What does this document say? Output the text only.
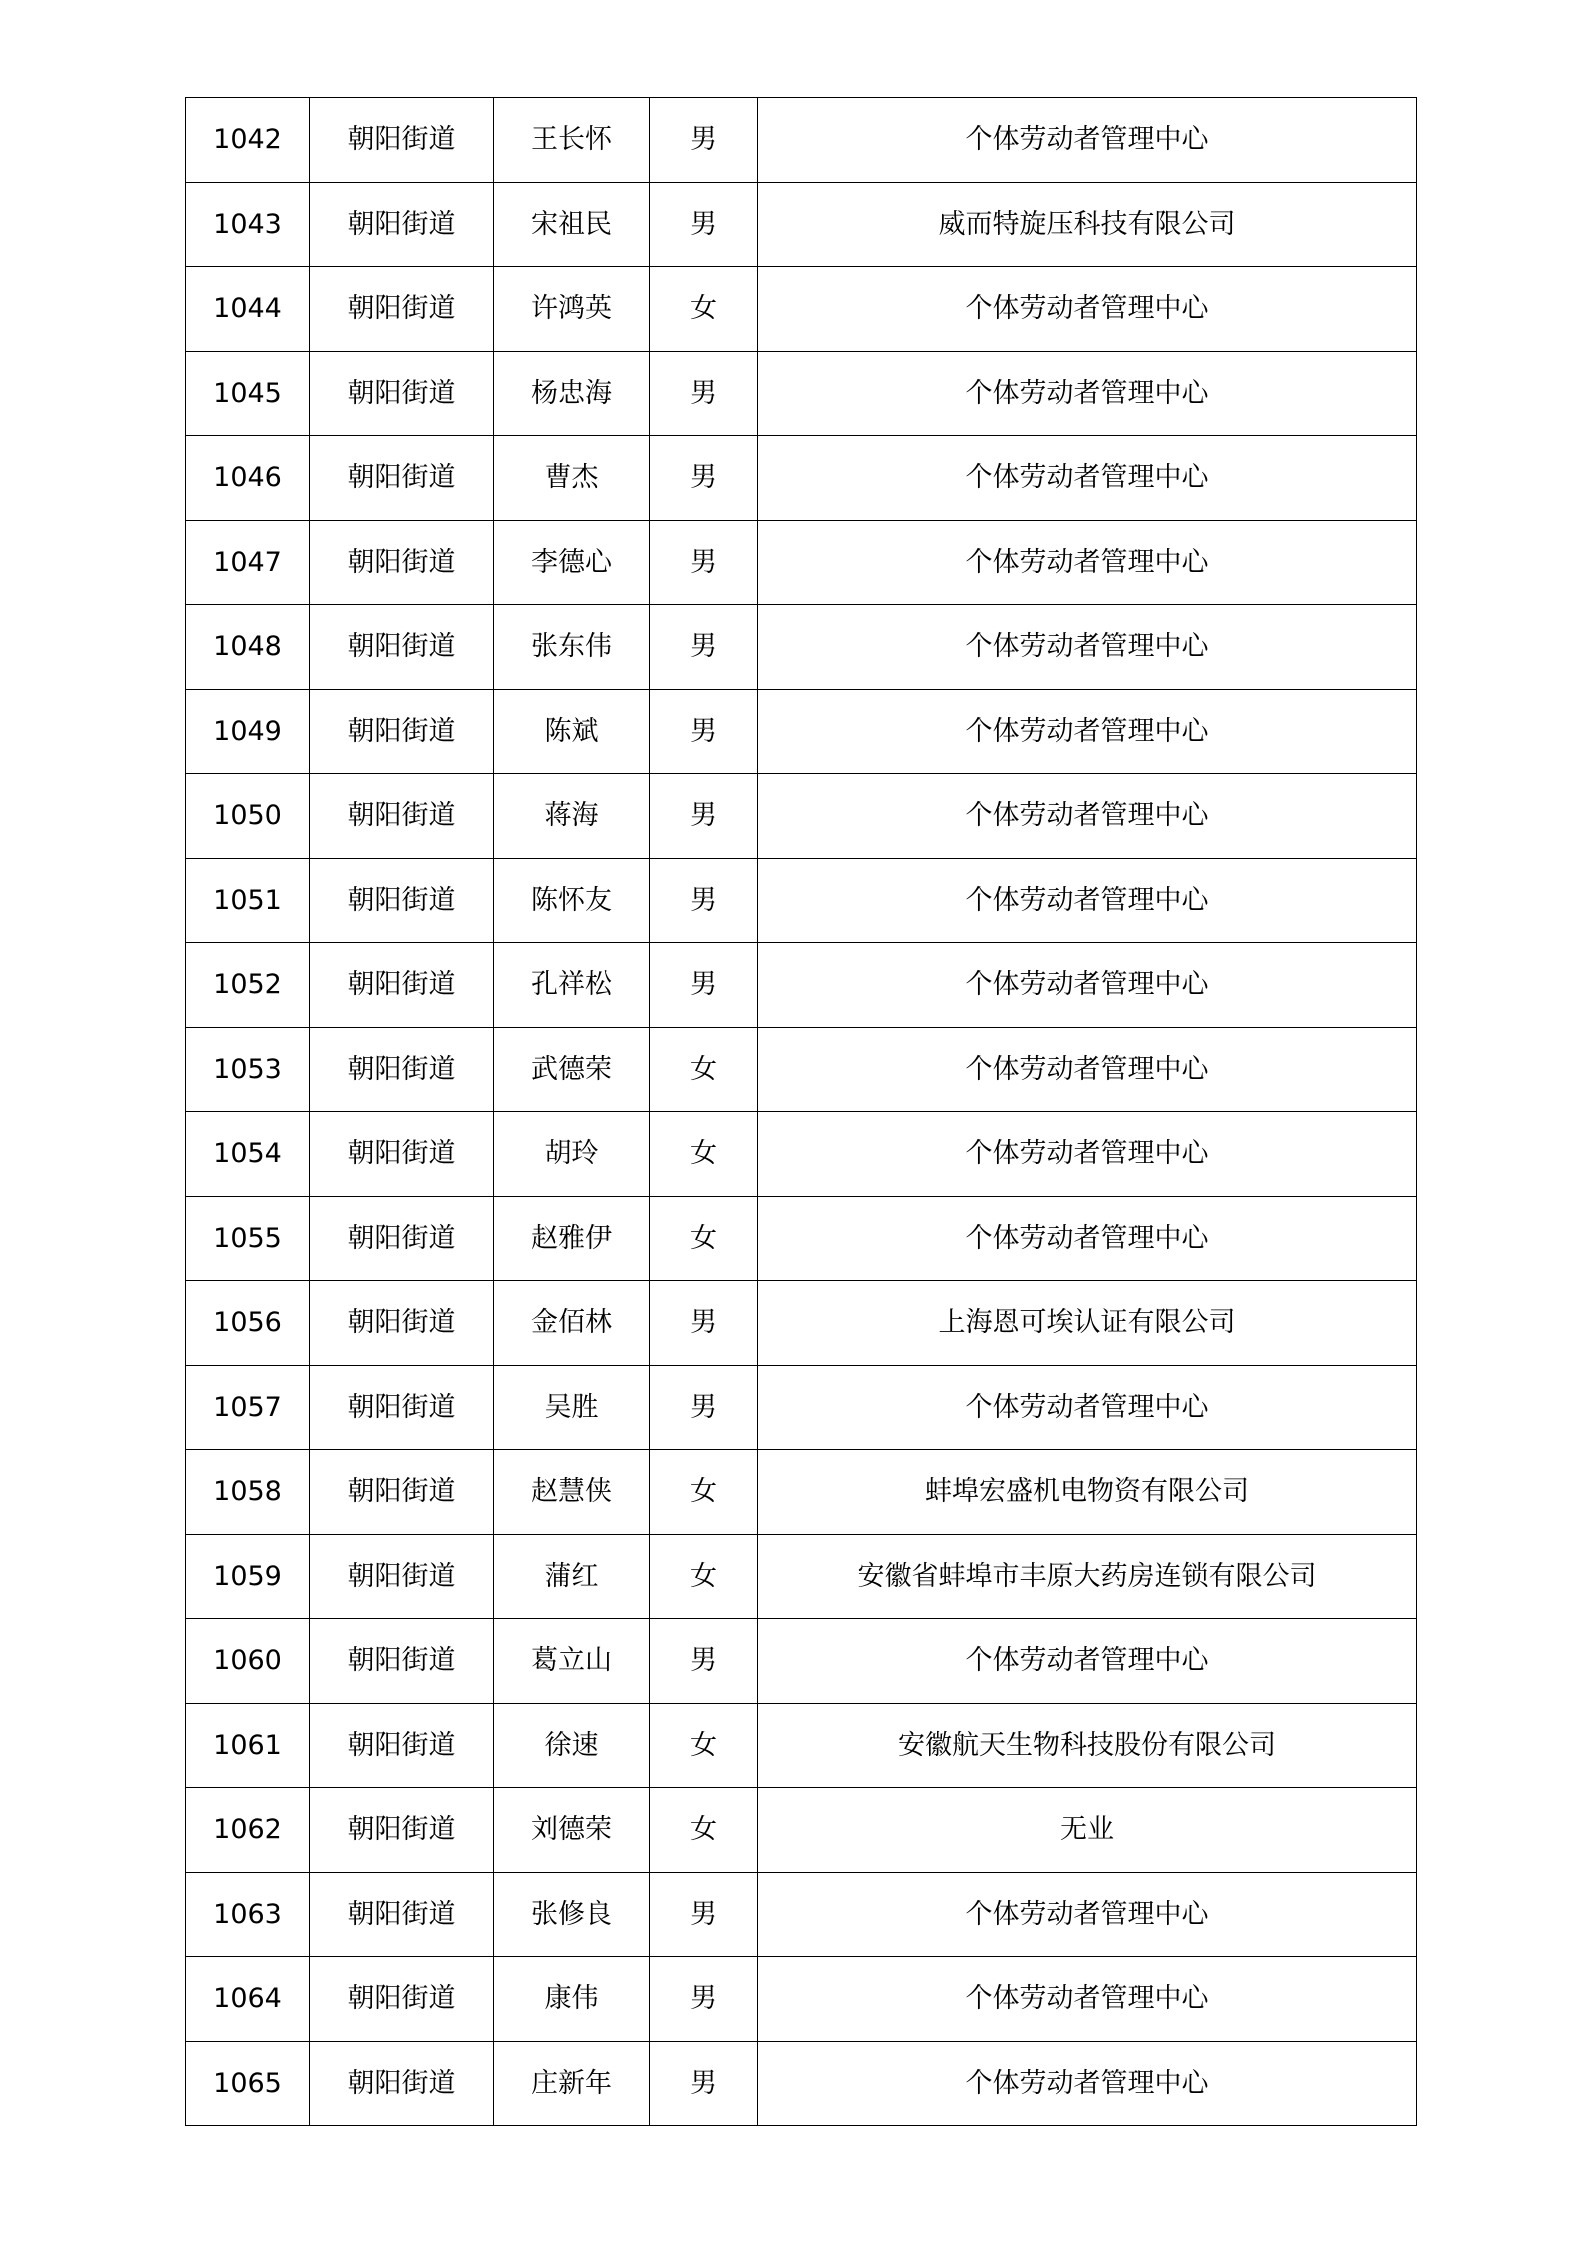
1042	朝阳街道	王长怀	男	个体劳动者管理中心
1043	朝阳街道	宋祖民	男	威而特旋压科技有限公司
1044	朝阳街道	许鸿英	女	个体劳动者管理中心
1045	朝阳街道	杨忠海	男	个体劳动者管理中心
1046	朝阳街道	曹杰	男	个体劳动者管理中心
1047	朝阳街道	李德心	男	个体劳动者管理中心
1048	朝阳街道	张东伟	男	个体劳动者管理中心
1049	朝阳街道	陈斌	男	个体劳动者管理中心
1050	朝阳街道	蒋海	男	个体劳动者管理中心
1051	朝阳街道	陈怀友	男	个体劳动者管理中心
1052	朝阳街道	孔祥松	男	个体劳动者管理中心
1053	朝阳街道	武德荣	女	个体劳动者管理中心
1054	朝阳街道	胡玲	女	个体劳动者管理中心
1055	朝阳街道	赵雅伊	女	个体劳动者管理中心
1056	朝阳街道	金佰林	男	上海恩可埃认证有限公司
1057	朝阳街道	吴胜	男	个体劳动者管理中心
1058	朝阳街道	赵慧侠	女	蚌埠宏盛机电物资有限公司
1059	朝阳街道	蒲红	女	安徽省蚌埠市丰原大药房连锁有限公司
1060	朝阳街道	葛立山	男	个体劳动者管理中心
1061	朝阳街道	徐速	女	安徽航天生物科技股份有限公司
1062	朝阳街道	刘德荣	女	无业
1063	朝阳街道	张修良	男	个体劳动者管理中心
1064	朝阳街道	康伟	男	个体劳动者管理中心
1065	朝阳街道	庄新年	男	个体劳动者管理中心
